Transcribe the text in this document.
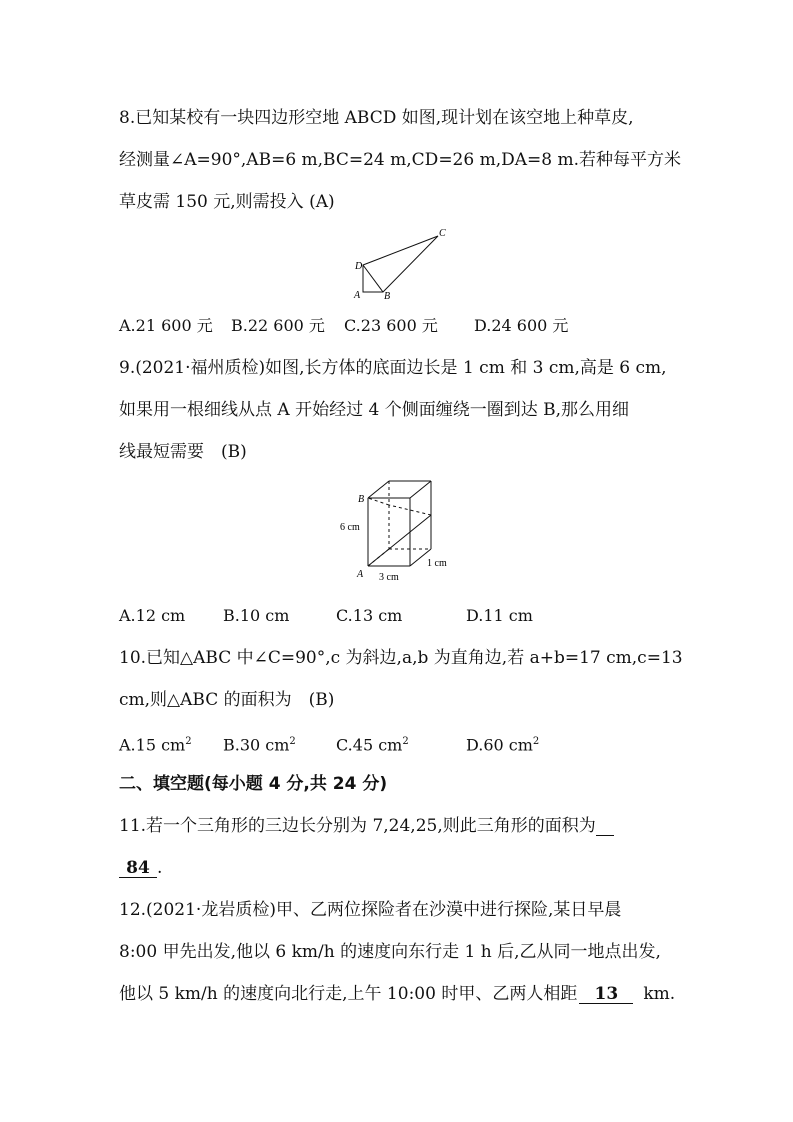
8.已知某校有一块四边形空地 ABCD 如图,现计划在该空地上种草皮,
经测量∠A=90°,AB=6 m,BC=24 m,CD=26 m,DA=8 m.若种每平方米
草皮需 150 元,则需投入 (A)
D
A B
C
A.21 600 元 B.22 600 元 C.23 600 元 D.24 600 元
9.(2021·福州质检)如图,长方体的底面边长是 1 cm 和 3 cm,高是 6 cm,
如果用一根细线从点 A 开始经过 4 个侧面缠绕一圈到达 B,那么用细
线最短需要　(B)
B
A
6 cm
3 cm
1 cm
A.12 cm B.10 cm	C.13 cm	D.11 cm
10.已知△ABC 中∠C=90°,c 为斜边,a,b 为直角边,若 a+b=17 cm,c=13
cm,则△ABC 的面积为　(B)
A.15 $cm^2$ B.30 $cm^2$	C.45 $cm^2$	D.60 $cm^2$
二、填空题(每小题 4 分,共 24 分)
11.若一个三角形的三边长分别为 7,24,25,则此三角形的面积为
84 .
12.(2021·龙岩质检)甲、乙两位探险者在沙漠中进行探险,某日早晨
8:00 甲先出发,他以 6 km/h 的速度向东行走 1 h 后,乙从同一地点出发,
他以 5 km/h 的速度向北行走,上午 10:00 时甲、乙两人相距 13 km.
